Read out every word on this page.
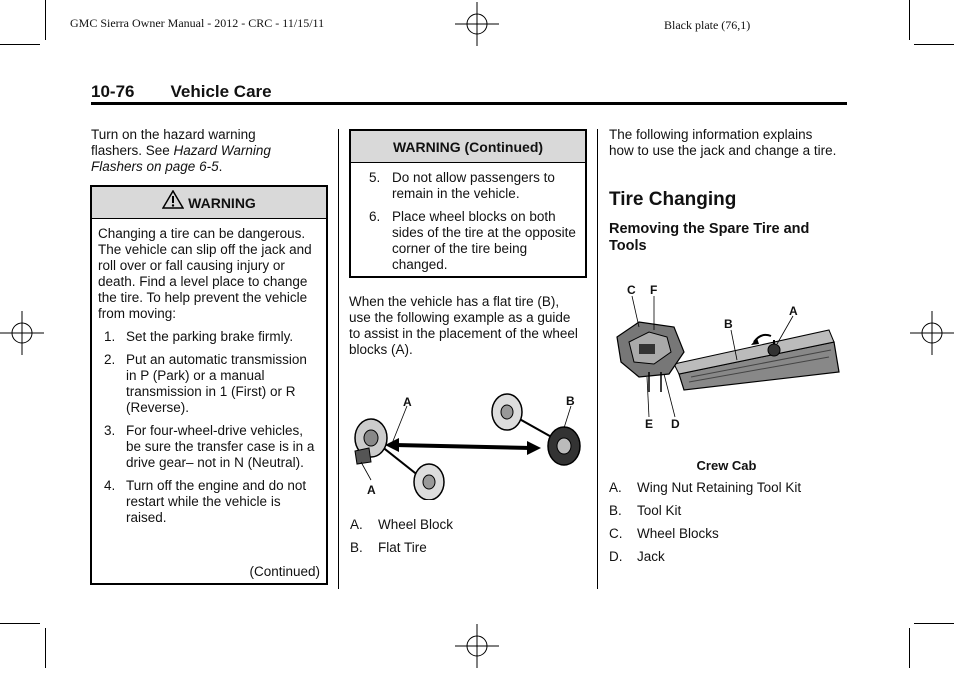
GMC Sierra Owner Manual - 2012 - CRC - 11/15/11	Black plate (76,1)
10-76 Vehicle Care
Turn on the hazard warning flashers. See Hazard Warning Flashers on page 6-5.
WARNING
Changing a tire can be dangerous. The vehicle can slip off the jack and roll over or fall causing injury or death. Find a level place to change the tire. To help prevent the vehicle from moving:
1. Set the parking brake firmly.
2. Put an automatic transmission in P (Park) or a manual transmission in 1 (First) or R (Reverse).
3. For four-wheel-drive vehicles, be sure the transfer case is in a drive gear– not in N (Neutral).
4. Turn off the engine and do not restart while the vehicle is raised.
(Continued)
WARNING (Continued)
5. Do not allow passengers to remain in the vehicle.
6. Place wheel blocks on both sides of the tire at the opposite corner of the tire being changed.
When the vehicle has a flat tire (B), use the following example as a guide to assist in the placement of the wheel blocks (A).
A
A
B
A. Wheel Block
B. Flat Tire
The following information explains how to use the jack and change a tire.
Tire Changing
Removing the Spare Tire and Tools
C F
A
B
E D
Crew Cab
A. Wing Nut Retaining Tool Kit
B. Tool Kit
C. Wheel Blocks
D. Jack
